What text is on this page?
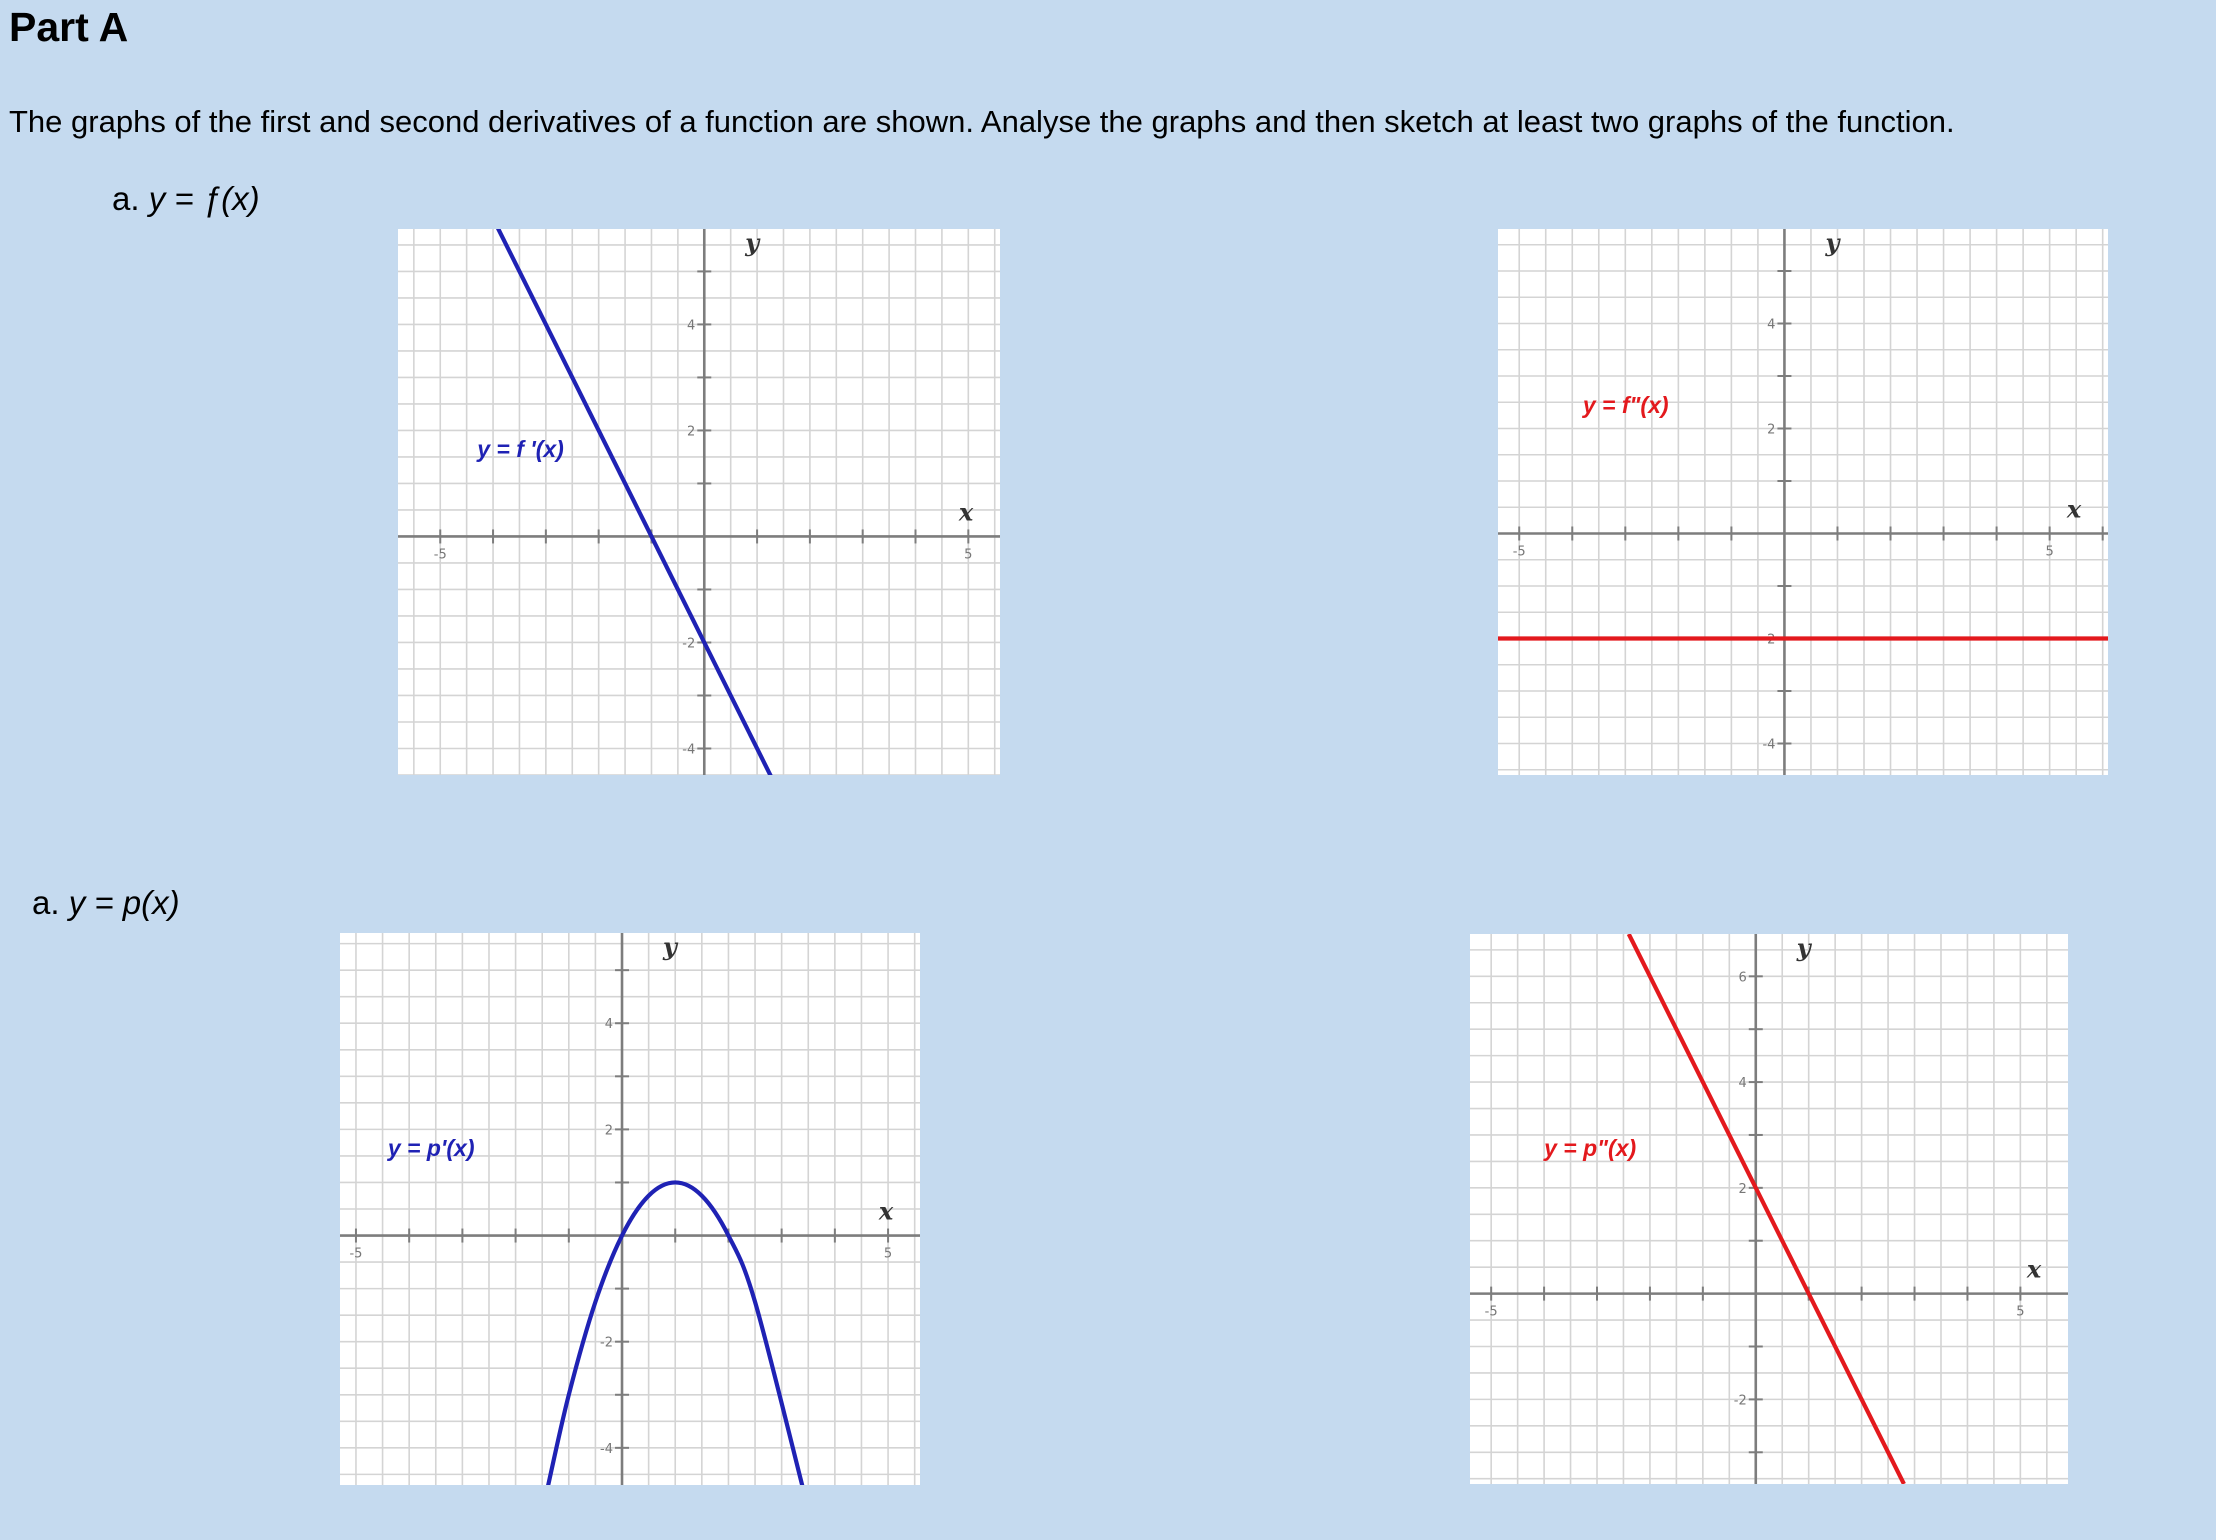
Part A

The graphs of the first and second derivatives of a function are shown. Analyse the graphs and then sketch at least two graphs of the function.

a. y = ƒ(x)
a. y = p(x)
-5	5
4
2
-2
-4
y
x
y = f '(x)
-5	5
4
2
-2
-4
y
x
y = f"(x)
-5	5
4
2
-2
-4
y
x
y = p'(x)
-5	5
6
4
2
-2
y
x
y = p"(x)
